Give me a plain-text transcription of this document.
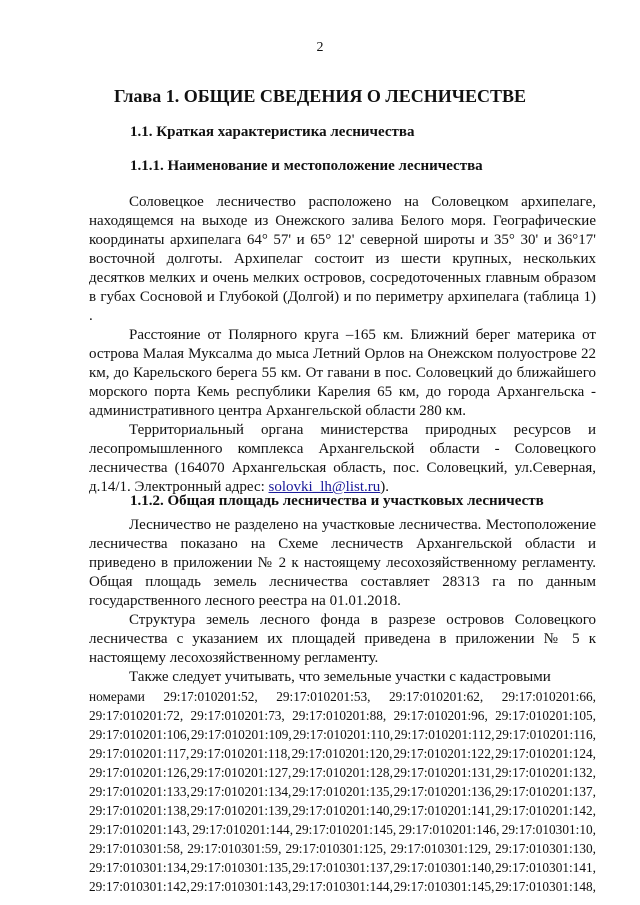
2
Глава 1. ОБЩИЕ СВЕДЕНИЯ О ЛЕСНИЧЕСТВЕ
1.1. Краткая характеристика лесничества
1.1.1. Наименование и местоположение лесничества

Соловецкое лесничество расположено на Соловецком архипелаге, находящемся на выходе из Онежского залива Белого моря. Географические координаты архипелага 64° 57' и 65° 12' северной широты и 35° 30' и 36°17' восточной долготы. Архипелаг состоит из шести крупных, нескольких десятков мелких и очень мелких островов, сосредоточенных главным образом в губах Сосновой и Глубокой (Долгой) и по периметру архипелага (таблица 1) .

Расстояние от Полярного круга –165 км. Ближний берег материка от острова Малая Муксалма до мыса Летний Орлов на Онежском полуострове 22 км, до Карельского берега 55 км. От гавани в пос. Соловецкий до ближайшего морского порта Кемь республики Карелия 65 км, до города Архангельска - административного центра Архангельской области 280 км.

Территориальный органа министерства природных ресурсов и лесопромышленного комплекса Архангельской области - Соловецкого лесничества (164070 Архангельская область, пос. Соловецкий, ул.Северная, д.14/1. Электронный адрес: solovki_lh@list.ru).

1.1.2. Общая площадь лесничества и участковых лесничеств

Лесничество не разделено на участковые лесничества. Местоположение лесничества показано на Схеме лесничеств Архангельской области и приведено в приложении № 2 к настоящему лесохозяйственному регламенту. Общая площадь земель лесничества составляет 28313 га по данным государственного лесного реестра на 01.01.2018.

Структура земель лесного фонда в разрезе островов Соловецкого лесничества с указанием их площадей приведена в приложении № 5 к настоящему лесохозяйственному регламенту.

Также следует учитывать, что земельные участки с кадастровыми
номерами 29:17:010201:52, 29:17:010201:53, 29:17:010201:62, 29:17:010201:66,
29:17:010201:72, 29:17:010201:73, 29:17:010201:88, 29:17:010201:96, 29:17:010201:105,
29:17:010201:106, 29:17:010201:109, 29:17:010201:110, 29:17:010201:112, 29:17:010201:116,
29:17:010201:117, 29:17:010201:118, 29:17:010201:120, 29:17:010201:122, 29:17:010201:124,
29:17:010201:126, 29:17:010201:127, 29:17:010201:128, 29:17:010201:131, 29:17:010201:132,
29:17:010201:133, 29:17:010201:134, 29:17:010201:135, 29:17:010201:136, 29:17:010201:137,
29:17:010201:138, 29:17:010201:139, 29:17:010201:140, 29:17:010201:141, 29:17:010201:142,
29:17:010201:143, 29:17:010201:144, 29:17:010201:145, 29:17:010201:146, 29:17:010301:10,
29:17:010301:58, 29:17:010301:59, 29:17:010301:125, 29:17:010301:129, 29:17:010301:130,
29:17:010301:134, 29:17:010301:135, 29:17:010301:137, 29:17:010301:140, 29:17:010301:141,
29:17:010301:142, 29:17:010301:143, 29:17:010301:144, 29:17:010301:145, 29:17:010301:148,
